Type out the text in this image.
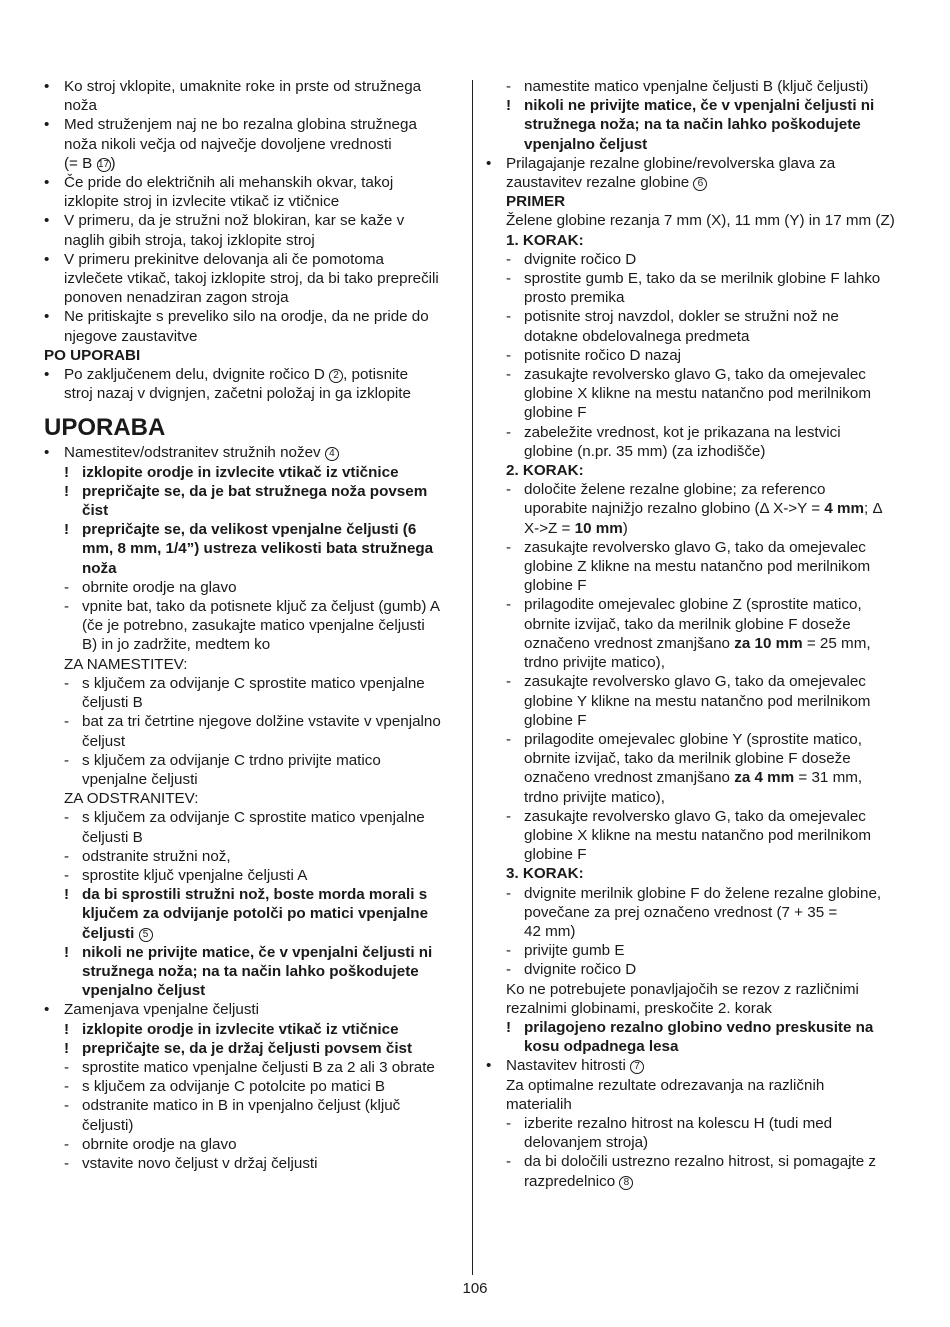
• Ko stroj vklopite, umaknite roke in prste od stružnega
noža
• Med struženjem naj ne bo rezalna globina stružnega
noža nikoli večja od največje dovoljene vrednosti
(= B 17)
• Če pride do električnih ali mehanskih okvar, takoj
izklopite stroj in izvlecite vtikač iz vtičnice
• V primeru, da je stružni nož blokiran, kar se kaže v
naglih gibih stroja, takoj izklopite stroj
• V primeru prekinitve delovanja ali če pomotoma
izvlečete vtikač, takoj izklopite stroj, da bi tako preprečili
ponoven nenadziran zagon stroja
• Ne pritiskajte s preveliko silo na orodje, da ne pride do
njegove zaustavitve
PO UPORABI
• Po zaključenem delu, dvignite ročico D 2 , potisnite
stroj nazaj v dvignjen, začetni položaj in ga izklopite
UPORABA
• Namestitev/odstranitev stružnih nožev 4
! izklopite orodje in izvlecite vtikač iz vtičnice
! prepričajte se, da je bat stružnega noža povsem
čist
! prepričajte se, da velikost vpenjalne čeljusti (6
mm, 8 mm, 1/4”) ustreza velikosti bata stružnega
noža
- obrnite orodje na glavo
- vpnite bat, tako da potisnete ključ za čeljust (gumb) A
(če je potrebno, zasukajte matico vpenjalne čeljusti
B) in jo zadržite, medtem ko
ZA NAMESTITEV:
- s ključem za odvijanje C sprostite matico vpenjalne
čeljusti B
- bat za tri četrtine njegove dolžine vstavite v vpenjalno
čeljust
- s ključem za odvijanje C trdno privijte matico
vpenjalne čeljusti
ZA ODSTRANITEV:
- s ključem za odvijanje C sprostite matico vpenjalne
čeljusti B
- odstranite stružni nož,
- sprostite ključ vpenjalne čeljusti A
! da bi sprostili stružni nož, boste morda morali s
ključem za odvijanje potolči po matici vpenjalne
čeljusti 5
! nikoli ne privijte matice, če v vpenjalni čeljusti ni
stružnega noža; na ta način lahko poškodujete
vpenjalno čeljust
• Zamenjava vpenjalne čeljusti
! izklopite orodje in izvlecite vtikač iz vtičnice
! prepričajte se, da je držaj čeljusti povsem čist
- sprostite matico vpenjalne čeljusti B za 2 ali 3 obrate
- s ključem za odvijanje C potolcite po matici B
- odstranite matico in B in vpenjalno čeljust (ključ
čeljusti)
- obrnite orodje na glavo
- vstavite novo čeljust v držaj čeljusti
- namestite matico vpenjalne čeljusti B (ključ čeljusti)
! nikoli ne privijte matice, če v vpenjalni čeljusti ni
stružnega noža; na ta način lahko poškodujete
vpenjalno čeljust
• Prilagajanje rezalne globine/revolverska glava za
zaustavitev rezalne globine 6
PRIMER
Želene globine rezanja 7 mm (X), 11 mm (Y) in 17 mm (Z)
1. KORAK:
- dvignite ročico D
- sprostite gumb E, tako da se merilnik globine F lahko
prosto premika
- potisnite stroj navzdol, dokler se stružni nož ne
dotakne obdelovalnega predmeta
- potisnite ročico D nazaj
- zasukajte revolversko glavo G, tako da omejevalec
globine X klikne na mestu natančno pod merilnikom
globine F
- zabeležite vrednost, kot je prikazana na lestvici
globine (n.pr. 35 mm) (za izhodišče)
2. KORAK:
- določite želene rezalne globine; za referenco
uporabite najnižjo rezalno globino (Δ X->Y = 4 mm; Δ
X->Z = 10 mm)
- zasukajte revolversko glavo G, tako da omejevalec
globine Z klikne na mestu natančno pod merilnikom
globine F
- prilagodite omejevalec globine Z (sprostite matico,
obrnite izvijač, tako da merilnik globine F doseže
označeno vrednost zmanjšano za 10 mm = 25 mm,
trdno privijte matico),
- zasukajte revolversko glavo G, tako da omejevalec
globine Y klikne na mestu natančno pod merilnikom
globine F
- prilagodite omejevalec globine Y (sprostite matico,
obrnite izvijač, tako da merilnik globine F doseže
označeno vrednost zmanjšano za 4 mm = 31 mm,
trdno privijte matico),
- zasukajte revolversko glavo G, tako da omejevalec
globine X klikne na mestu natančno pod merilnikom
globine F
3. KORAK:
- dvignite merilnik globine F do želene rezalne globine,
povečane za prej označeno vrednost (7 + 35 =
42 mm)
- privijte gumb E
- dvignite ročico D
Ko ne potrebujete ponavljajočih se rezov z različnimi
rezalnimi globinami, preskočite 2. korak
! prilagojeno rezalno globino vedno preskusite na
kosu odpadnega lesa
• Nastavitev hitrosti 7
Za optimalne rezultate odrezavanja na različnih
materialih
- izberite rezalno hitrost na kolescu H (tudi med
delovanjem stroja)
- da bi določili ustrezno rezalno hitrost, si pomagajte z
razpredelnico 8
106
